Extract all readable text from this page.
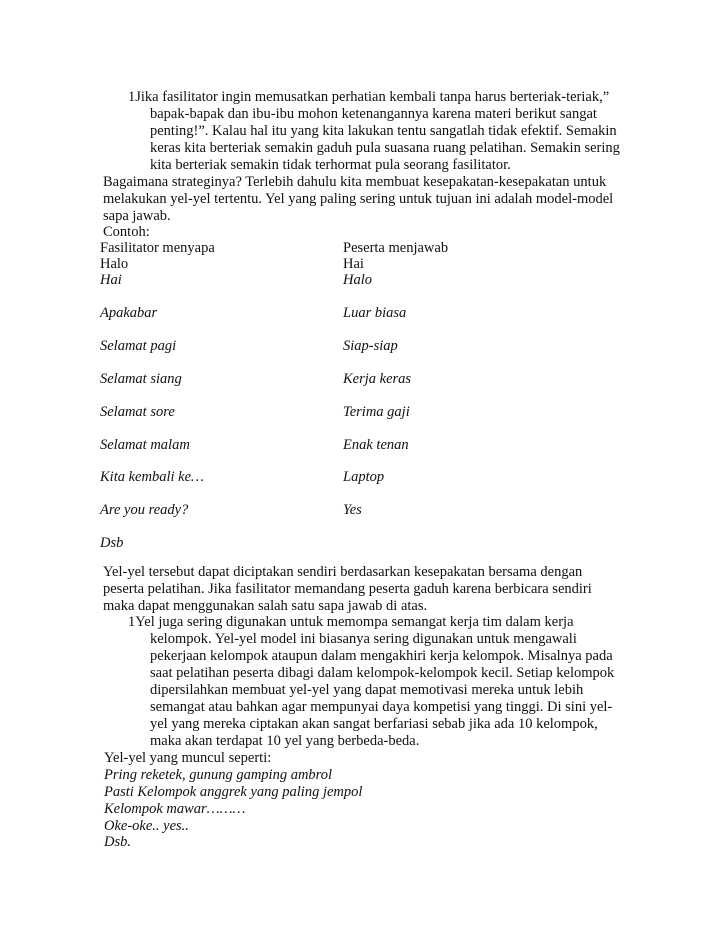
1Jika fasilitator ingin memusatkan perhatian kembali tanpa harus berteriak-teriak,”
bapak-bapak dan ibu-ibu mohon ketenangannya karena materi berikut sangat
penting!”. Kalau hal itu yang kita lakukan tentu sangatlah tidak efektif. Semakin
keras kita berteriak semakin gaduh pula suasana ruang pelatihan. Semakin sering
kita berteriak semakin tidak terhormat pula seorang fasilitator.
Bagaimana strateginya? Terlebih dahulu kita membuat kesepakatan-kesepakatan untuk
melakukan yel-yel tertentu. Yel yang paling sering untuk tujuan ini adalah model-model
sapa jawab.
Contoh:
Fasilitator menyapa	Peserta menjawab
Halo	Hai
Hai	Halo
Apakabar	Luar biasa
Selamat pagi	Siap-siap
Selamat siang	Kerja keras
Selamat sore	Terima gaji
Selamat malam	Enak tenan
Kita kembali ke…	Laptop
Are you ready?	Yes
Dsb
Yel-yel tersebut dapat diciptakan sendiri berdasarkan kesepakatan bersama dengan
peserta pelatihan. Jika fasilitator memandang peserta gaduh karena berbicara sendiri
maka dapat menggunakan salah satu sapa jawab di atas.
1Yel juga sering digunakan untuk memompa semangat kerja tim dalam kerja
kelompok. Yel-yel model ini biasanya sering digunakan untuk mengawali
pekerjaan kelompok ataupun dalam mengakhiri kerja kelompok. Misalnya pada
saat pelatihan peserta dibagi dalam kelompok-kelompok kecil. Setiap kelompok
dipersilahkan membuat yel-yel yang dapat memotivasi mereka untuk lebih
semangat atau bahkan agar mempunyai daya kompetisi yang tinggi. Di sini yel-
yel yang mereka ciptakan akan sangat berfariasi sebab jika ada 10 kelompok,
maka akan terdapat 10 yel yang berbeda-beda.
Yel-yel yang muncul seperti:
Pring reketek, gunung gamping ambrol
Pasti Kelompok anggrek yang paling jempol
Kelompok mawar………
Oke-oke.. yes..
Dsb.
